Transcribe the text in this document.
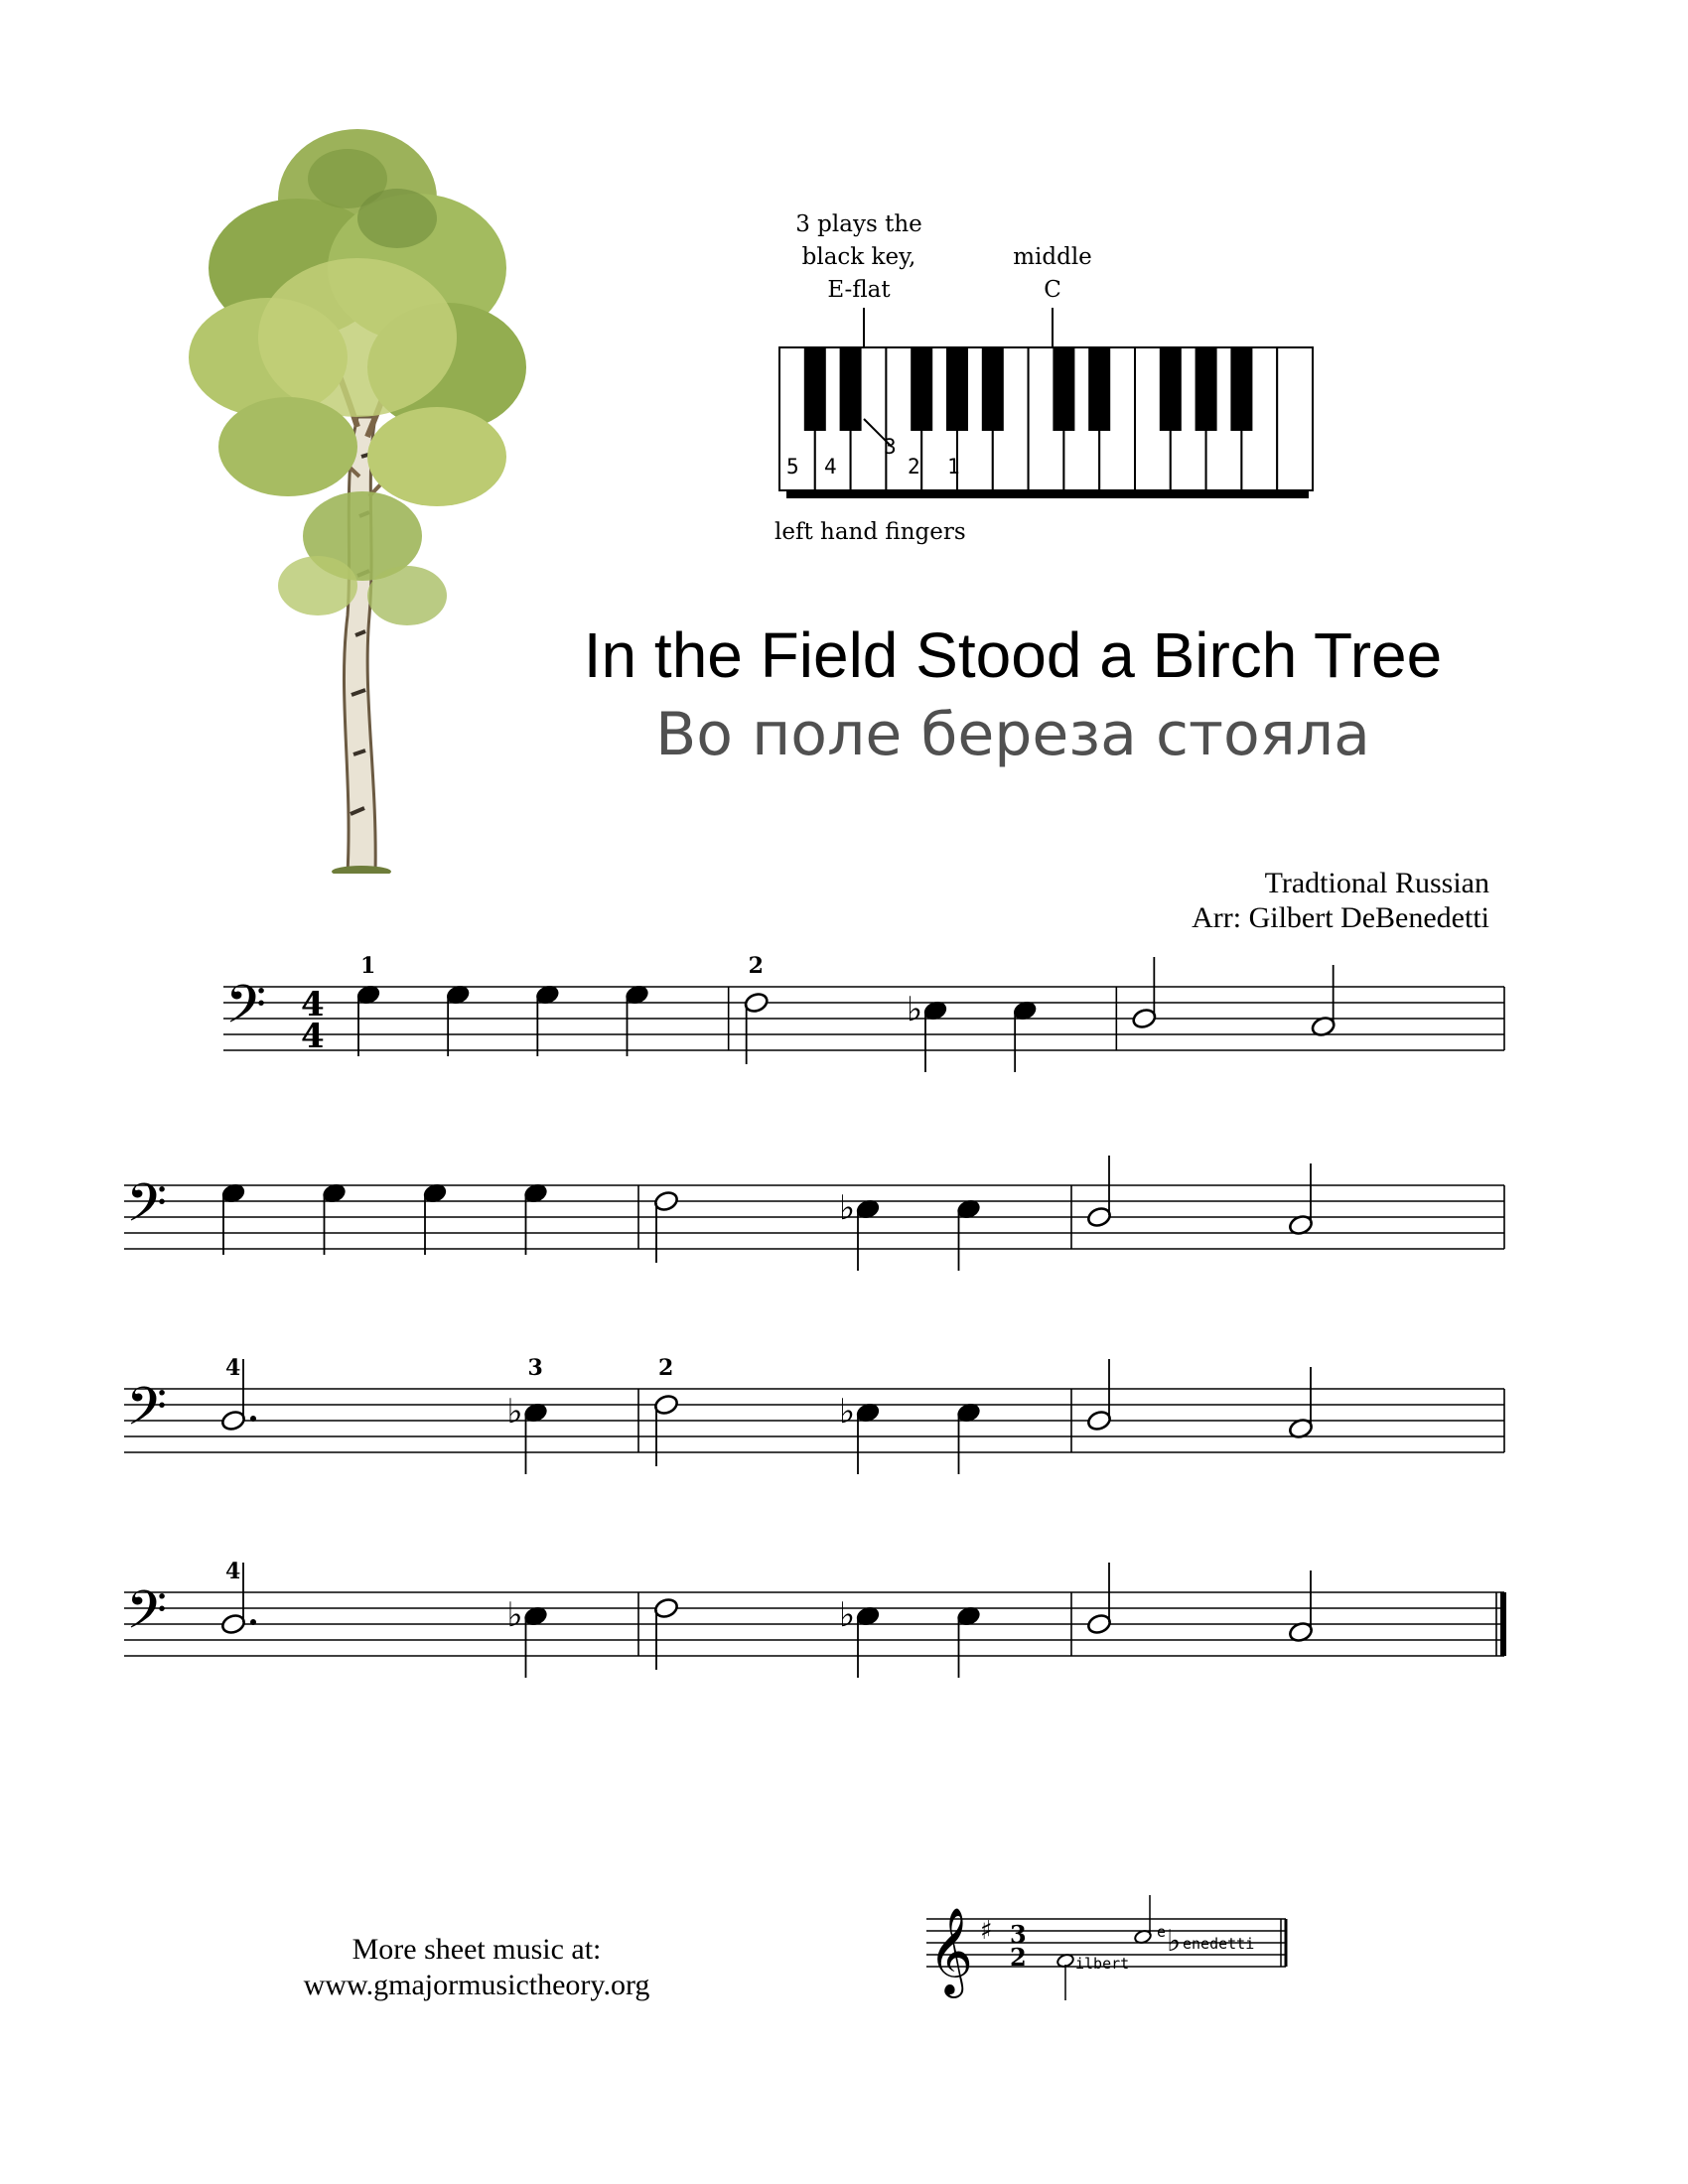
3 plays the
black key,
E-flat
middle
C
5 4
3
2 1
left hand fingers
In the Field Stood a Birch Tree
Во поле береза стояла
Tradtional Russian
Arr: Gilbert DeBenedetti
𝄢 4
4
1	2
♭
𝄢	♭
𝄢
4
♭
3	2
♭
𝄢
4
♭	♭
More sheet music at:
www.gmajormusictheory.org	𝄞 ♯ 3
2	ilbert
e ♭ enedetti
